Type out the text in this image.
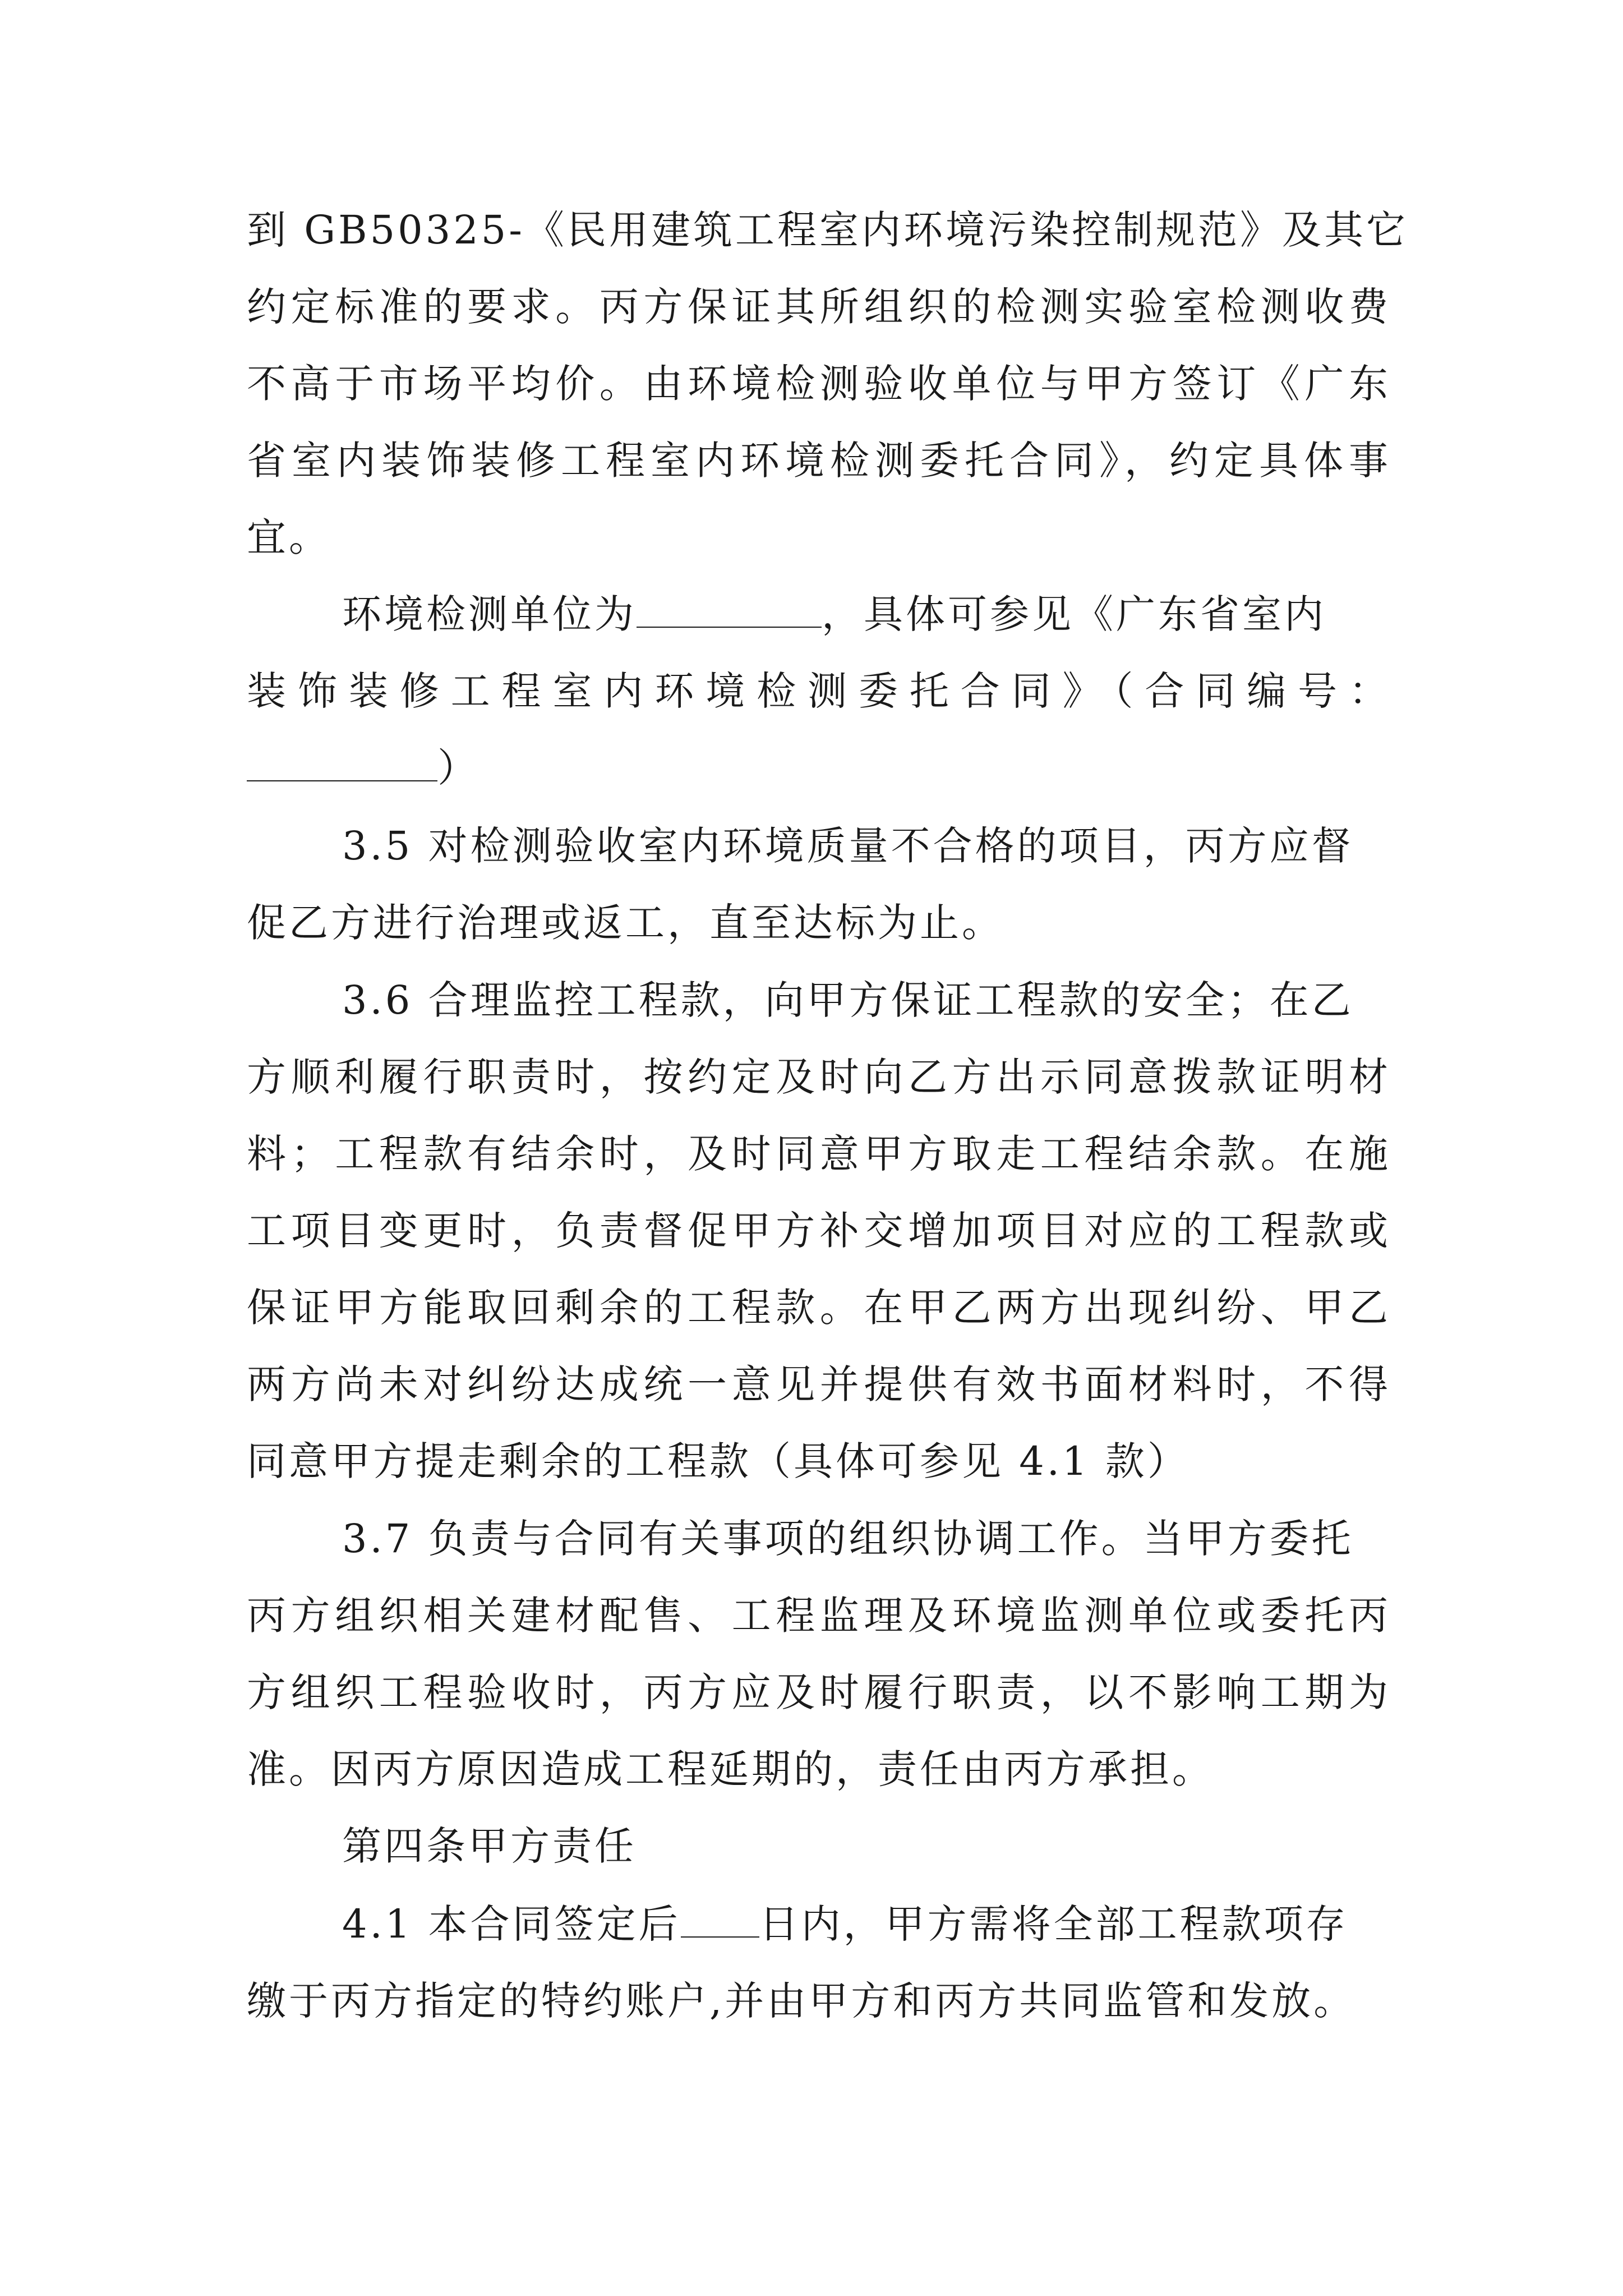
到 GB50325-《民用建筑工程室内环境污染控制规范》及其它
约定标准的要求。丙方保证其所组织的检测实验室检测收费
不高于市场平均价。由环境检测验收单位与甲方签订《广东
省室内装饰装修工程室内环境检测委托合同》，约定具体事
宜。
环境检测单位为	，具体可参见《广东省室内
装饰装修工程室内环境检测委托合同》（合同编号：
）
3.5 对检测验收室内环境质量不合格的项目，丙方应督
促乙方进行治理或返工，直至达标为止。
3.6 合理监控工程款，向甲方保证工程款的安全；在乙
方顺利履行职责时，按约定及时向乙方出示同意拨款证明材
料；工程款有结余时，及时同意甲方取走工程结余款。在施
工项目变更时，负责督促甲方补交增加项目对应的工程款或
保证甲方能取回剩余的工程款。在甲乙两方出现纠纷、甲乙
两方尚未对纠纷达成统一意见并提供有效书面材料时，不得
同意甲方提走剩余的工程款（具体可参见 4.1 款）
3.7 负责与合同有关事项的组织协调工作。当甲方委托
丙方组织相关建材配售、工程监理及环境监测单位或委托丙
方组织工程验收时，丙方应及时履行职责，以不影响工期为
准。因丙方原因造成工程延期的，责任由丙方承担。
第四条甲方责任
4.1 本合同签定后 日内，甲方需将全部工程款项存
缴于丙方指定的特约账户,并由甲方和丙方共同监管和发放。
